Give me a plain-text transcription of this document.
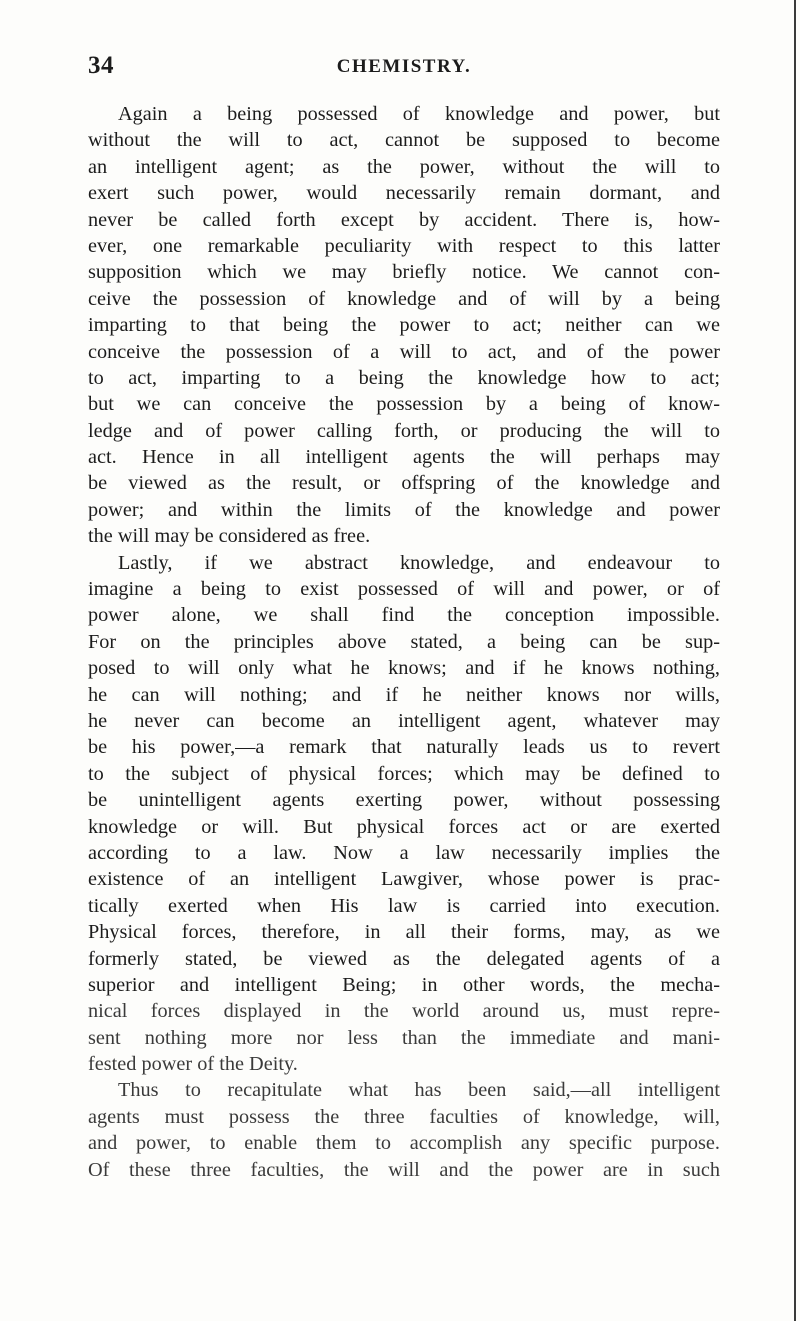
34	CHEMISTRY.
Again a being possessed of knowledge and power, but
without the will to act, cannot be supposed to become
an intelligent agent; as the power, without the will to
exert such power, would necessarily remain dormant, and
never be called forth except by accident. There is, how-
ever, one remarkable peculiarity with respect to this latter
supposition which we may briefly notice. We cannot con-
ceive the possession of knowledge and of will by a being
imparting to that being the power to act; neither can we
conceive the possession of a will to act, and of the power
to act, imparting to a being the knowledge how to act;
but we can conceive the possession by a being of know-
ledge and of power calling forth, or producing the will to
act. Hence in all intelligent agents the will perhaps may
be viewed as the result, or offspring of the knowledge and
power; and within the limits of the knowledge and power
the will may be considered as free.
Lastly, if we abstract knowledge, and endeavour to
imagine a being to exist possessed of will and power, or of
power alone, we shall find the conception impossible.
For on the principles above stated, a being can be sup-
posed to will only what he knows; and if he knows nothing,
he can will nothing; and if he neither knows nor wills,
he never can become an intelligent agent, whatever may
be his power,—a remark that naturally leads us to revert
to the subject of physical forces; which may be defined to
be unintelligent agents exerting power, without possessing
knowledge or will. But physical forces act or are exerted
according to a law. Now a law necessarily implies the
existence of an intelligent Lawgiver, whose power is prac-
tically exerted when His law is carried into execution.
Physical forces, therefore, in all their forms, may, as we
formerly stated, be viewed as the delegated agents of a
superior and intelligent Being; in other words, the mecha-
nical forces displayed in the world around us, must repre-
sent nothing more nor less than the immediate and mani-
fested power of the Deity.
Thus to recapitulate what has been said,—all intelligent
agents must possess the three faculties of knowledge, will,
and power, to enable them to accomplish any specific purpose.
Of these three faculties, the will and the power are in such
